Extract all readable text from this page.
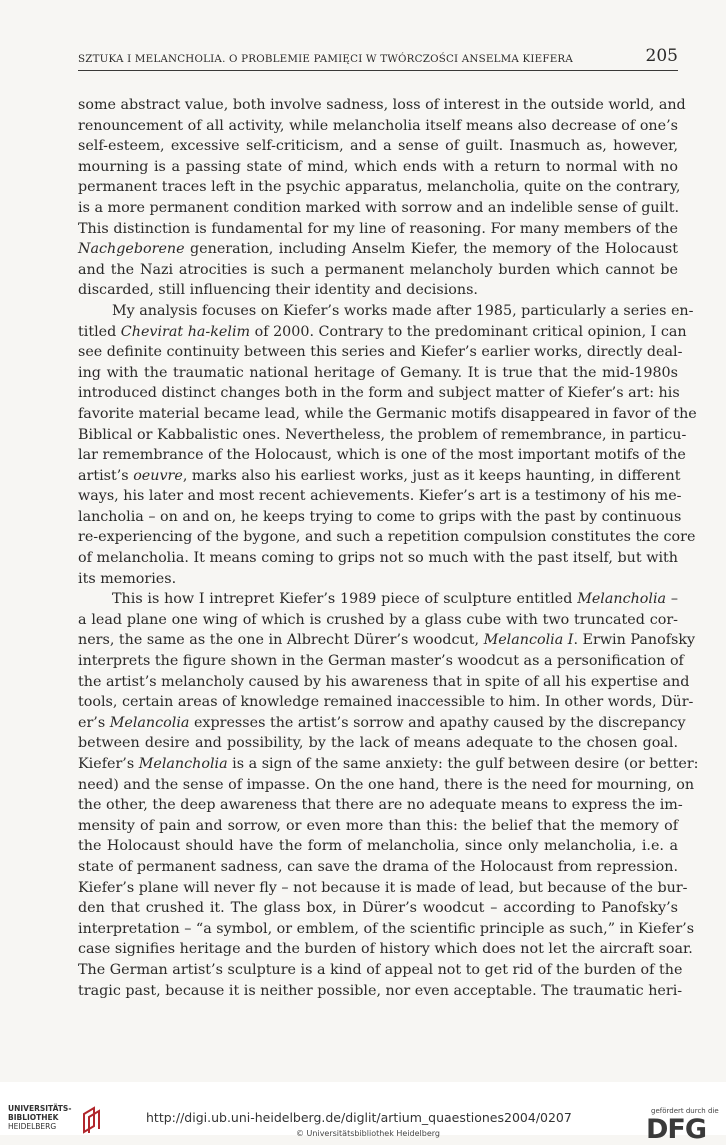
SZTUKA I MELANCHOLIA. O PROBLEMIE PAMIĘCI W TWÓRCZOŚCI ANSELMA KIEFERA	205
some abstract value, both involve sadness, loss of interest in the outside world, and
renouncement of all activity, while melancholia itself means also decrease of one’s
self-esteem, excessive self-criticism, and a sense of guilt. Inasmuch as, however,
mourning is a passing state of mind, which ends with a return to normal with no
permanent traces left in the psychic apparatus, melancholia, quite on the contrary,
is a more permanent condition marked with sorrow and an indelible sense of guilt.
This distinction is fundamental for my line of reasoning. For many members of the
Nachgeborene generation, including Anselm Kiefer, the memory of the Holocaust
and the Nazi atrocities is such a permanent melancholy burden which cannot be
discarded, still influencing their identity and decisions.
My analysis focuses on Kiefer’s works made after 1985, particularly a series en-
titled Chevirat ha-kelim of 2000. Contrary to the predominant critical opinion, I can
see definite continuity between this series and Kiefer’s earlier works, directly deal-
ing with the traumatic national heritage of Gemany. It is true that the mid-1980s
introduced distinct changes both in the form and subject matter of Kiefer’s art: his
favorite material became lead, while the Germanic motifs disappeared in favor of the
Biblical or Kabbalistic ones. Nevertheless, the problem of remembrance, in particu-
lar remembrance of the Holocaust, which is one of the most important motifs of the
artist’s oeuvre, marks also his earliest works, just as it keeps haunting, in different
ways, his later and most recent achievements. Kiefer’s art is a testimony of his me-
lancholia – on and on, he keeps trying to come to grips with the past by continuous
re-experiencing of the bygone, and such a repetition compulsion constitutes the core
of melancholia. It means coming to grips not so much with the past itself, but with
its memories.
This is how I intrepret Kiefer’s 1989 piece of sculpture entitled Melancholia –
a lead plane one wing of which is crushed by a glass cube with two truncated cor-
ners, the same as the one in Albrecht Dürer’s woodcut, Melancolia I. Erwin Panofsky
interprets the figure shown in the German master’s woodcut as a personification of
the artist’s melancholy caused by his awareness that in spite of all his expertise and
tools, certain areas of knowledge remained inaccessible to him. In other words, Dür-
er’s Melancolia expresses the artist’s sorrow and apathy caused by the discrepancy
between desire and possibility, by the lack of means adequate to the chosen goal.
Kiefer’s Melancholia is a sign of the same anxiety: the gulf between desire (or better:
need) and the sense of impasse. On the one hand, there is the need for mourning, on
the other, the deep awareness that there are no adequate means to express the im-
mensity of pain and sorrow, or even more than this: the belief that the memory of
the Holocaust should have the form of melancholia, since only melancholia, i.e. a
state of permanent sadness, can save the drama of the Holocaust from repression.
Kiefer’s plane will never fly – not because it is made of lead, but because of the bur-
den that crushed it. The glass box, in Dürer’s woodcut – according to Panofsky’s
interpretation – “a symbol, or emblem, of the scientific principle as such,” in Kiefer’s
case signifies heritage and the burden of history which does not let the aircraft soar.
The German artist’s sculpture is a kind of appeal not to get rid of the burden of the
tragic past, because it is neither possible, nor even acceptable. The traumatic heri-
UNIVERSITÄTS-
BIBLIOTHEK
HEIDELBERG
http://digi.ub.uni-heidelberg.de/diglit/artium_quaestiones2004/0207
© Universitätsbibliothek Heidelberg
gefördert durch die
DFG
